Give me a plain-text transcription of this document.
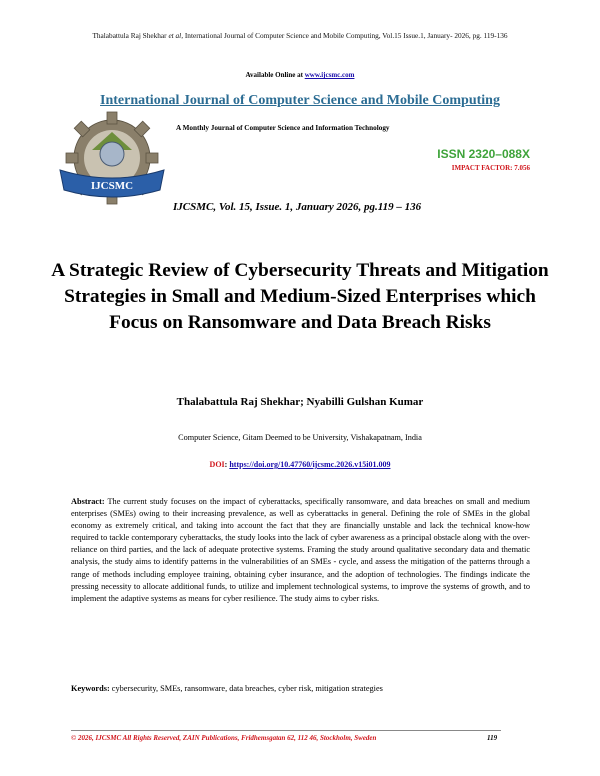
Thalabattula Raj Shekhar et al, International Journal of Computer Science and Mobile Computing, Vol.15 Issue.1, January- 2026, pg. 119-136
Available Online at www.ijcsmc.com
International Journal of Computer Science and Mobile Computing
IJCSMC
A Monthly Journal of Computer Science and Information Technology
ISSN 2320–088X
IMPACT FACTOR: 7.056
IJCSMC, Vol. 15, Issue. 1, January 2026, pg.119 – 136
A Strategic Review of Cybersecurity Threats and Mitigation Strategies in Small and Medium-Sized Enterprises which Focus on Ransomware and Data Breach Risks
Thalabattula Raj Shekhar; Nyabilli Gulshan Kumar
Computer Science, Gitam Deemed to be University, Vishakapatnam, India
DOI: https://doi.org/10.47760/ijcsmc.2026.v15i01.009
Abstract: The current study focuses on the impact of cyberattacks, specifically ransomware, and data breaches on small and medium enterprises (SMEs) owing to their increasing prevalence, as well as cyberattacks in general. Defining the role of SMEs in the global economy as extremely critical, and taking into account the fact that they are financially unstable and lack the technical know-how required to tackle contemporary cyberattacks, the study looks into the lack of cyber awareness as a principal obstacle along with the over-reliance on third parties, and the lack of adequate protective systems. Framing the study around qualitative secondary data and thematic analysis, the study aims to identify patterns in the vulnerabilities of an SMEs - cycle, and assess the mitigation of the patterns through a range of methods including employee training, obtaining cyber insurance, and the adoption of technologies. The findings indicate the pressing necessity to allocate additional funds, to utilize and implement technological systems, to improve the systems of growth, and to implement the adaptive systems as means for cyber resilience. The study aims to cyber risks.
Keywords: cybersecurity, SMEs, ransomware, data breaches, cyber risk, mitigation strategies
© 2026, IJCSMC All Rights Reserved, ZAIN Publications, Fridhemsgatan 62, 112 46, Stockholm, Sweden	119
